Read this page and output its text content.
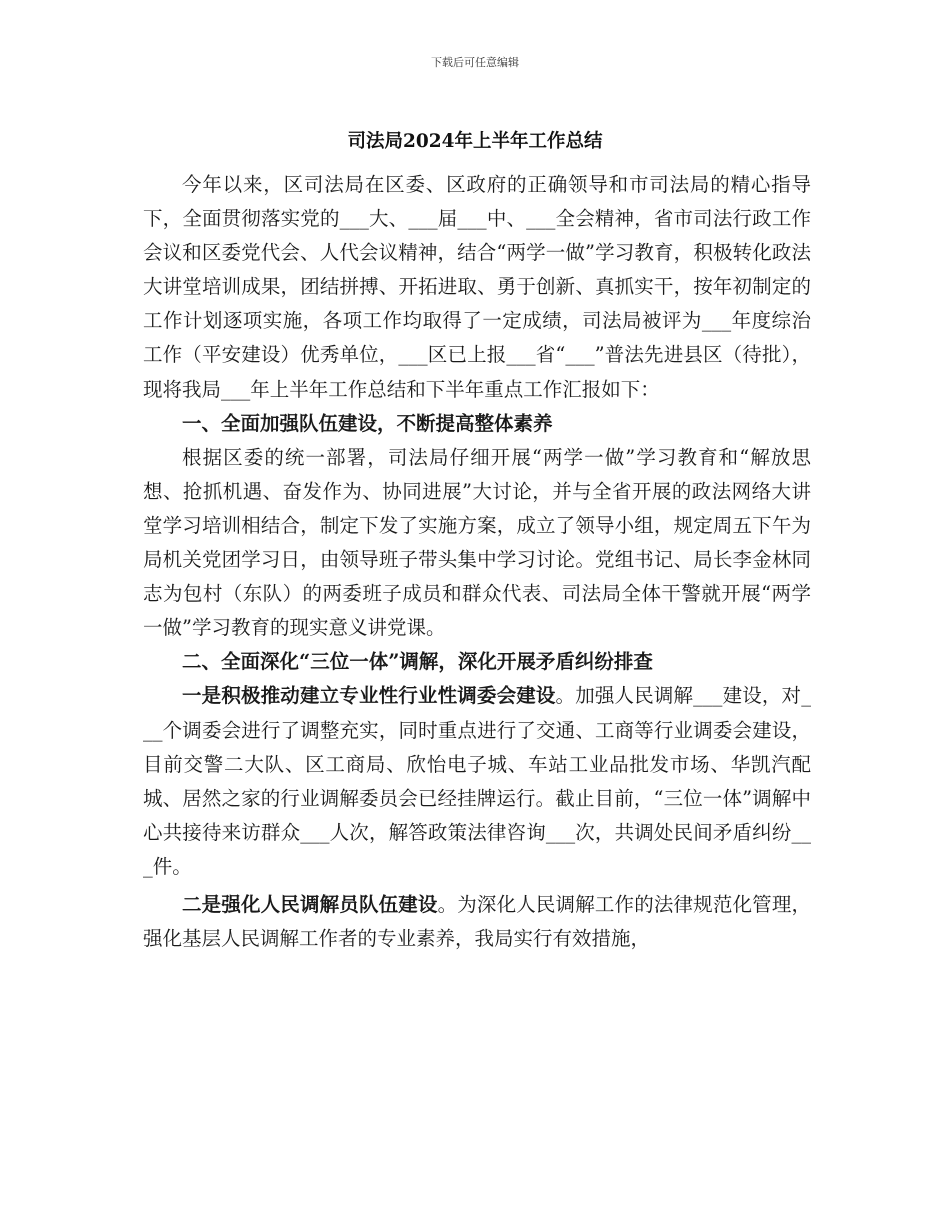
下载后可任意编辑
司法局2024年上半年工作总结

今年以来，区司法局在区委、区政府的正确领导和市司法局的精心指导下，全面贯彻落实党的___大、___届___中、___全会精神，省市司法行政工作会议和区委党代会、人代会议精神，结合“两学一做”学习教育，积极转化政法大讲堂培训成果，团结拼搏、开拓进取、勇于创新、真抓实干，按年初制定的工作计划逐项实施，各项工作均取得了一定成绩，司法局被评为___年度综治工作（平安建设）优秀单位，___区已上报___省“___”普法先进县区（待批），现将我局___年上半年工作总结和下半年重点工作汇报如下：

一、全面加强队伍建设，不断提高整体素养

根据区委的统一部署，司法局仔细开展“两学一做”学习教育和“解放思想、抢抓机遇、奋发作为、协同进展”大讨论，并与全省开展的政法网络大讲堂学习培训相结合，制定下发了实施方案，成立了领导小组，规定周五下午为局机关党团学习日，由领导班子带头集中学习讨论。党组书记、局长李金林同志为包村（东队）的两委班子成员和群众代表、司法局全体干警就开展“两学一做”学习教育的现实意义讲党课。

二、全面深化“三位一体”调解，深化开展矛盾纠纷排查

一是积极推动建立专业性行业性调委会建设。加强人民调解___建设，对___个调委会进行了调整充实，同时重点进行了交通、工商等行业调委会建设，目前交警二大队、区工商局、欣怡电子城、车站工业品批发市场、华凯汽配城、居然之家的行业调解委员会已经挂牌运行。截止目前，“三位一体”调解中心共接待来访群众___人次，解答政策法律咨询___次，共调处民间矛盾纠纷___件。

二是强化人民调解员队伍建设。为深化人民调解工作的法律规范化管理，强化基层人民调解工作者的专业素养，我局实行有效措施，
